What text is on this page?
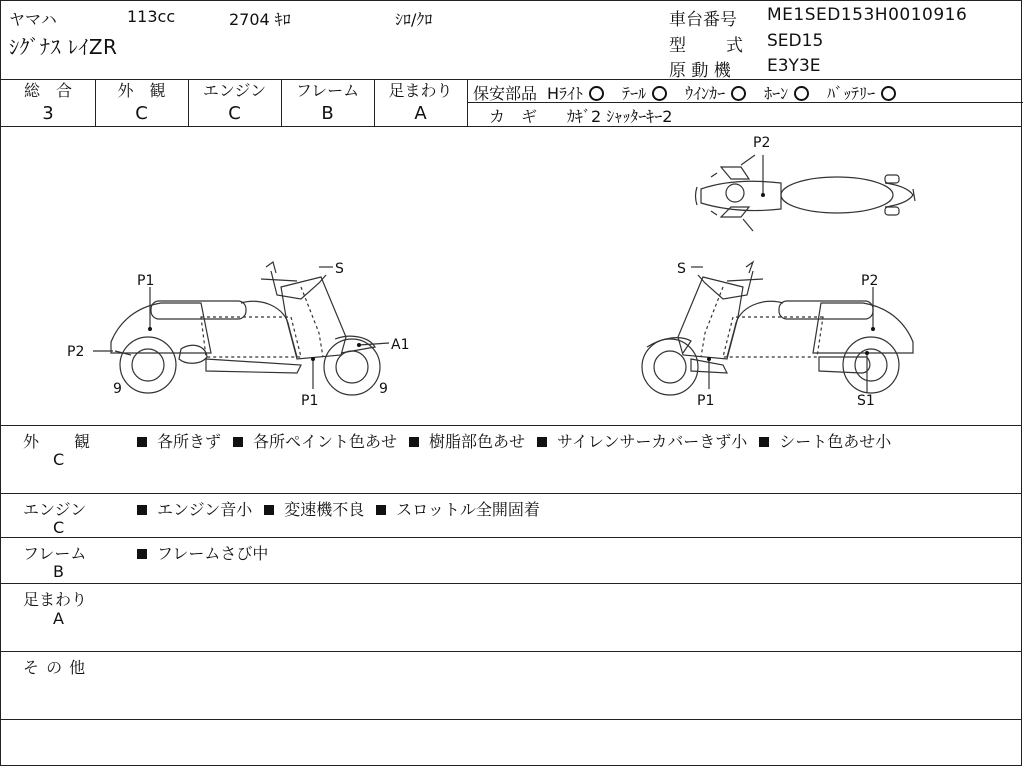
ヤマハ	113cc	2704 ｷﾛ	ｼﾛ/ｸﾛ
ｼｸﾞﾅｽ ﾚｲZR
車台番号 ME1SED153H0010916
型　　式 SED15
原 動 機 E3Y3E
総　合
3
外　観
C
エンジン
C
フレーム
B
足まわり
A
保安部品 Hﾗｲﾄ ﾃｰﾙ ｳｲﾝｶｰ ﾎｰﾝ ﾊﾞｯﾃﾘｰ
カ　ギ ｶｷﾞ2 ｼｬｯﾀｰｷｰ2
S
P1
P2	A1
9	9
P1
S
P2
P1	S1
P2
外　　観
C
各所きず 各所ペイント色あせ 樹脂部色あせ サイレンサーカバーきず小 シート色あせ小
エンジン
C
エンジン音小 変速機不良 スロットル全開固着
フレーム
B
フレームさび中
足まわり
A
そ の 他
